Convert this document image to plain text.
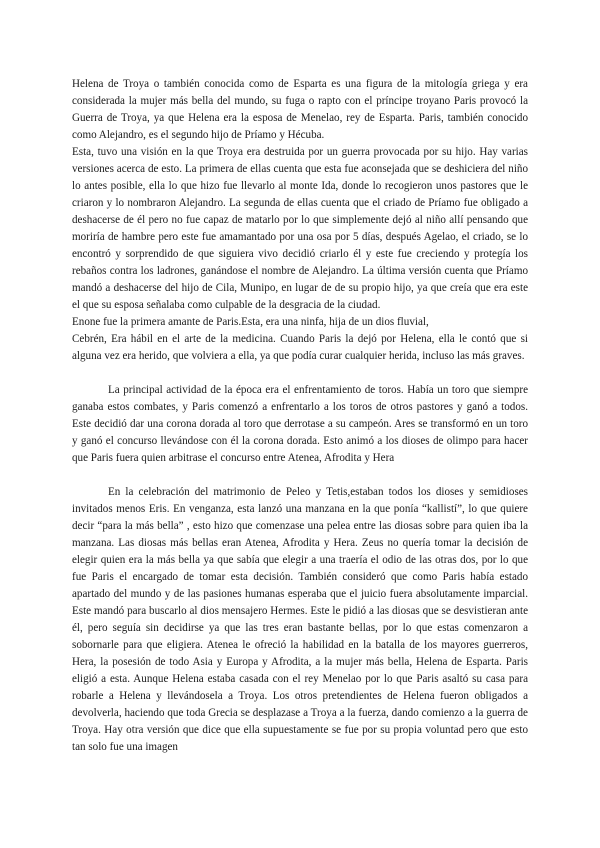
Helena de Troya o también conocida como de Esparta es una figura de la mitología griega y era considerada la mujer más bella del mundo, su fuga o rapto con el príncipe troyano Paris provocó la Guerra de Troya, ya que Helena era la esposa de Menelao, rey de Esparta. Paris, también conocido como Alejandro, es el segundo hijo de Príamo y Hécuba.

Esta, tuvo una visión en la que Troya era destruida por un guerra provocada por su hijo. Hay varias versiones acerca de esto. La primera de ellas cuenta que esta fue aconsejada que se deshiciera del niño lo antes posible, ella lo que hizo fue llevarlo al monte Ida, donde lo recogieron unos pastores que le criaron y lo nombraron Alejandro. La segunda de ellas cuenta que el criado de Príamo fue obligado a deshacerse de él pero no fue capaz de matarlo por lo que simplemente dejó al niño allí pensando que moriría de hambre pero este fue amamantado por una osa por 5 días, después Agelao, el criado, se lo encontró y sorprendido de que siguiera vivo decidió criarlo él y este fue creciendo y protegía los rebaños contra los ladrones, ganándose el nombre de Alejandro. La última versión cuenta que Príamo mandó a deshacerse del hijo de Cila, Munipo, en lugar de de su propio hijo, ya que creía que era este el que su esposa señalaba como culpable de la desgracia de la ciudad.

Enone fue la primera amante de Paris.Esta, era una ninfa, hija de un dios fluvial,

Cebrén, Era hábil en el arte de la medicina. Cuando Paris la dejó por Helena, ella le contó que si alguna vez era herido, que volviera a ella, ya que podía curar cualquier herida, incluso las más graves.

La principal actividad de la época era el enfrentamiento de toros. Había un toro que siempre ganaba estos combates, y Paris comenzó a enfrentarlo a los toros de otros pastores y ganó a todos. Este decidió dar una corona dorada al toro que derrotase a su campeón. Ares se transformó en un toro y ganó el concurso llevándose con él la corona dorada. Esto animó a los dioses de olimpo para hacer que Paris fuera quien arbitrase el concurso entre Atenea, Afrodita y Hera

En la celebración del matrimonio de Peleo y Tetis,estaban todos los dioses y semidioses invitados menos Eris. En venganza, esta lanzó una manzana en la que ponía “kallistí”, lo que quiere decir “para la más bella” , esto hizo que comenzase una pelea entre las diosas sobre para quien iba la manzana. Las diosas más bellas eran Atenea, Afrodita y Hera. Zeus no quería tomar la decisión de elegir quien era la más bella ya que sabía que elegir a una traería el odio de las otras dos, por lo que fue Paris el encargado de tomar esta decisión. También consideró que como Paris había estado apartado del mundo y de las pasiones humanas esperaba que el juicio fuera absolutamente imparcial. Este mandó para buscarlo al dios mensajero Hermes. Este le pidió a las diosas que se desvistieran ante él, pero seguía sin decidirse ya que las tres eran bastante bellas, por lo que estas comenzaron a sobornarle para que eligiera. Atenea le ofreció la habilidad en la batalla de los mayores guerreros, Hera, la posesión de todo Asia y Europa y Afrodita, a la mujer más bella, Helena de Esparta. Paris eligió a esta. Aunque Helena estaba casada con el rey Menelao por lo que Paris asaltó su casa para robarle a Helena y llevándosela a Troya. Los otros pretendientes de Helena fueron obligados a devolverla, haciendo que toda Grecia se desplazase a Troya a la fuerza, dando comienzo a la guerra de Troya. Hay otra versión que dice que ella supuestamente se fue por su propia voluntad pero que esto tan solo fue una imagen
